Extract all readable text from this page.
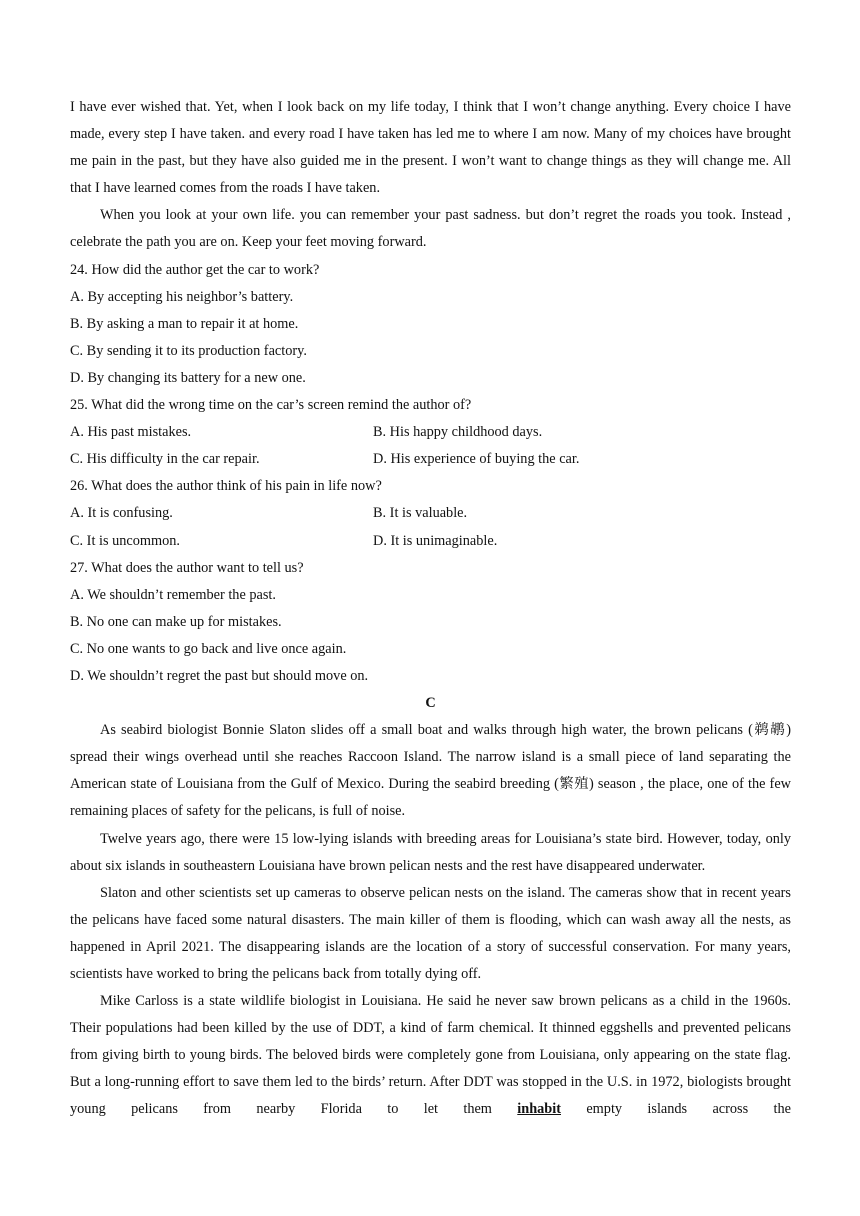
I have ever wished that. Yet, when I look back on my life today, I think that I won’t change anything. Every choice I have made, every step I have taken. and every road I have taken has led me to where I am now. Many of my choices have brought me pain in the past, but they have also guided me in the present. I won’t want to change things as they will change me. All that I have learned comes from the roads I have taken.

When you look at your own life. you can remember your past sadness. but don’t regret the roads you took. Instead , celebrate the path you are on. Keep your feet moving forward.

24. How did the author get the car to work?

A. By accepting his neighbor’s battery.

B. By asking a man to repair it at home.

C. By sending it to its production factory.

D. By changing its battery for a new one.

25. What did the wrong time on the car’s screen remind the author of?

A. His past mistakes.	B. His happy childhood days.
C. His difficulty in the car repair.	D. His experience of buying the car.

26. What does the author think of his pain in life now?

A. It is confusing.	B. It is valuable.
C. It is uncommon.	D. It is unimaginable.

27. What does the author want to tell us?

A. We shouldn’t remember the past.

B. No one can make up for mistakes.

C. No one wants to go back and live once again.

D. We shouldn’t regret the past but should move on.

C

As seabird biologist Bonnie Slaton slides off a small boat and walks through high water, the brown pelicans (鹈鹕) spread their wings overhead until she reaches Raccoon Island. The narrow island is a small piece of land separating the American state of Louisiana from the Gulf of Mexico. During the seabird breeding (繁殖) season , the place, one of the few remaining places of safety for the pelicans, is full of noise.

Twelve years ago, there were 15 low-lying islands with breeding areas for Louisiana’s state bird. However, today, only about six islands in southeastern Louisiana have brown pelican nests and the rest have disappeared underwater.

Slaton and other scientists set up cameras to observe pelican nests on the island. The cameras show that in recent years the pelicans have faced some natural disasters. The main killer of them is flooding, which can wash away all the nests, as happened in April 2021. The disappearing islands are the location of a story of successful conservation. For many years, scientists have worked to bring the pelicans back from totally dying off.

Mike Carloss is a state wildlife biologist in Louisiana. He said he never saw brown pelicans as a child in the 1960s. Their populations had been killed by the use of DDT, a kind of farm chemical. It thinned eggshells and prevented pelicans from giving birth to young birds. The beloved birds were completely gone from Louisiana, only appearing on the state flag. But a long-running effort to save them led to the birds’ return. After DDT was stopped in the U.S. in 1972, biologists brought young pelicans from nearby Florida to let them inhabit empty islands across the
